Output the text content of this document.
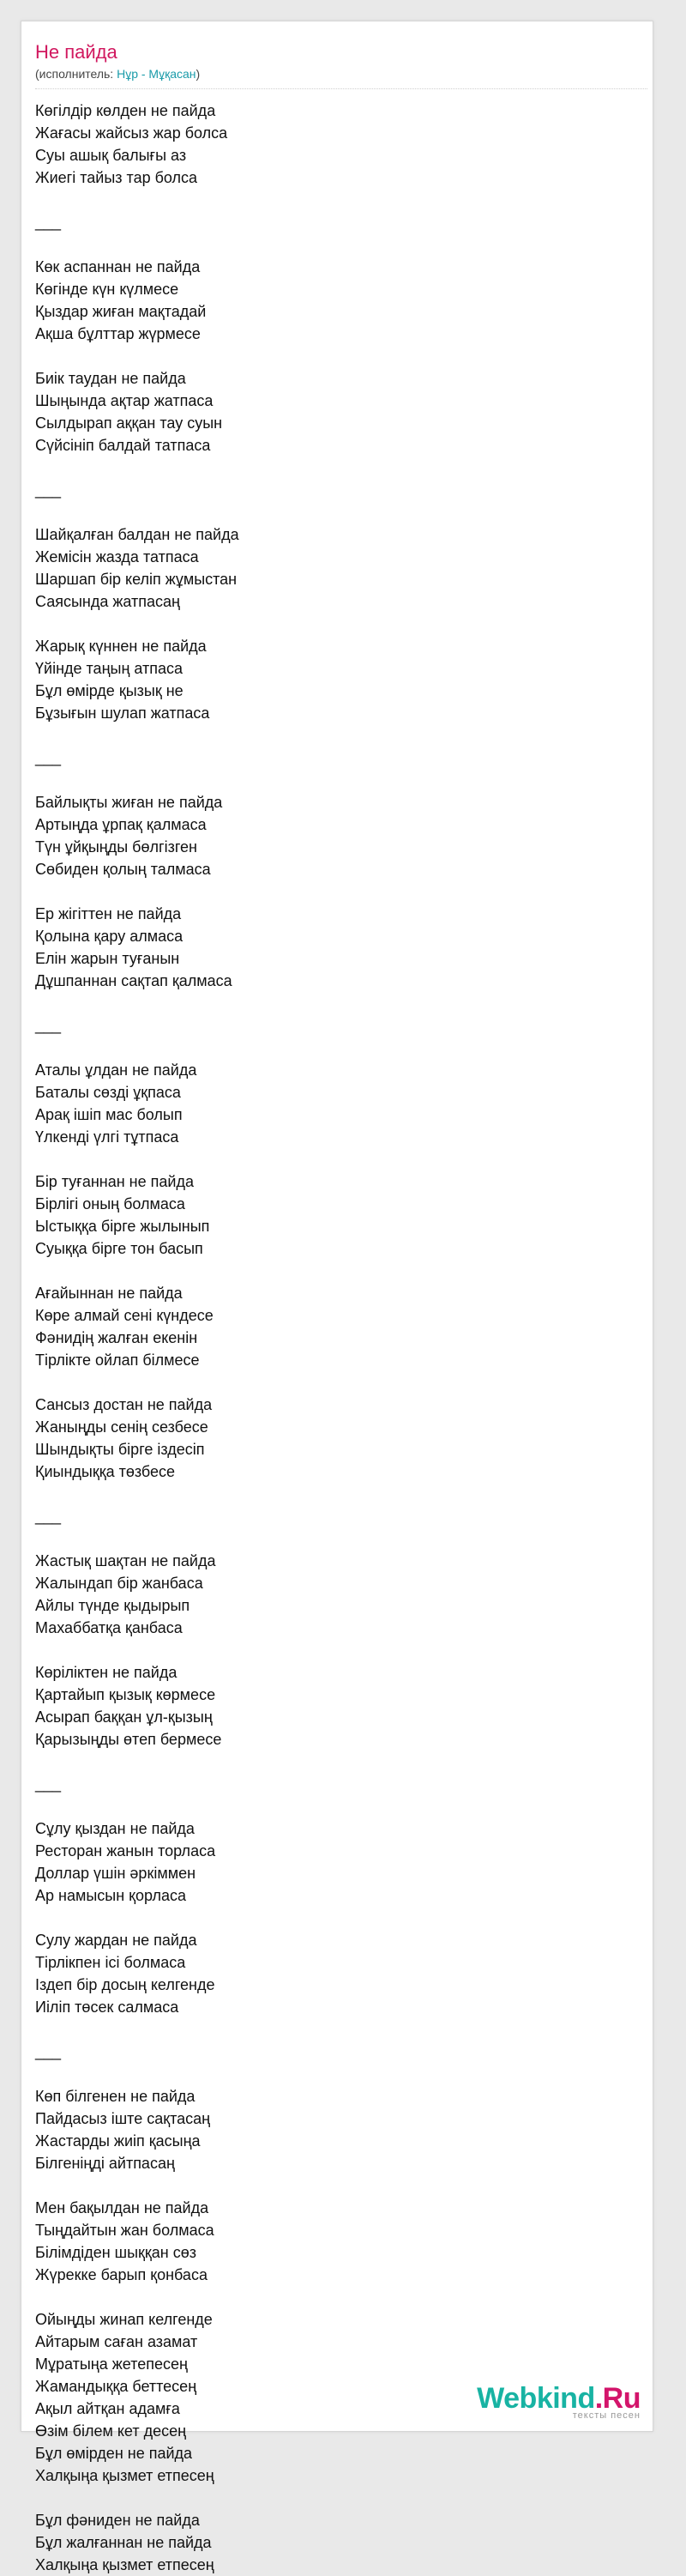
Не пайда
(исполнитель: Нұр - Мұқасан)
Көгілдір көлден не пайда
Жағасы жайсыз жар болса
Суы ашық балығы аз
Жиегі тайыз тар болса
___
Көк аспаннан не пайда
Көгінде күн күлмесе
Қыздар жиған мақтадай
Ақша бұлттар жүрмесе
Биік таудан не пайда
Шыңында ақтар жатпаса
Сылдырап аққан тау суын
Сүйсініп балдай татпаса
___
Шайқалған балдан не пайда
Жемісін жазда татпаса
Шаршап бір келіп жұмыстан
Саясында жатпасаң
Жарық күннен не пайда
Үйінде таңың атпаса
Бұл өмірде қызық не
Бұзығын шулап жатпаса
___
Байлықты жиған не пайда
Артыңда ұрпақ қалмаса
Түн ұйқыңды бөлгізген
Сөбиден қолың талмаса
Ер жігіттен не пайда
Қолына қару алмаса
Елін жарын туғанын
Дұшпаннан сақтап қалмаса
___
Аталы ұлдан не пайда
Баталы сөзді ұқпаса
Арақ ішіп мас болып
Үлкенді үлгі тұтпаса
Бір туғаннан не пайда
Бірлігі оның болмаса
Ыстыққа бірге жылынып
Суыққа бірге тон басып
Ағайыннан не пайда
Көре алмай сені күндесе
Фәнидің жалған екенін
Тірлікте ойлап білмесе
Сансыз достан не пайда
Жаныңды сенің сезбесе
Шындықты бірге іздесіп
Қиындыққа төзбесе
___
Жастық шақтан не пайда
Жалындап бір жанбаса
Айлы түнде қыдырып
Махаббатқа қанбаса
Көріліктен не пайда
Қартайып қызық көрмесе
Асырап баққан ұл-қызың
Қарызыңды өтеп бермесе
___
Сұлу қыздан не пайда
Ресторан жанын торласа
Доллар үшін әркіммен
Ар намысын қорласа
Сулу жардан не пайда
Тірлікпен ісі болмаса
Іздеп бір досың келгенде
Иіліп төсек салмаса
___
Көп білгенен не пайда
Пайдасыз іште сақтасаң
Жастарды жиіп қасыңа
Білгеніңді айтпасаң
Мен бақылдан не пайда
Тыңдайтын жан болмаса
Білімдіден шыққан сөз
Жүрекке барып қонбаса
Ойыңды жинап келгенде
Айтарым саған азамат
Мұратыңа жетепесең
Жамандыққа беттесең
Ақыл айтқан адамға
Өзім білем кет десең
Бұл өмірден не пайда
Халқыңа қызмет етпесең
Бұл фәниден не пайда
Бұл жалғаннан не пайда
Халқыңа қызмет етпесең
Webkind.Ru
тексты песен
